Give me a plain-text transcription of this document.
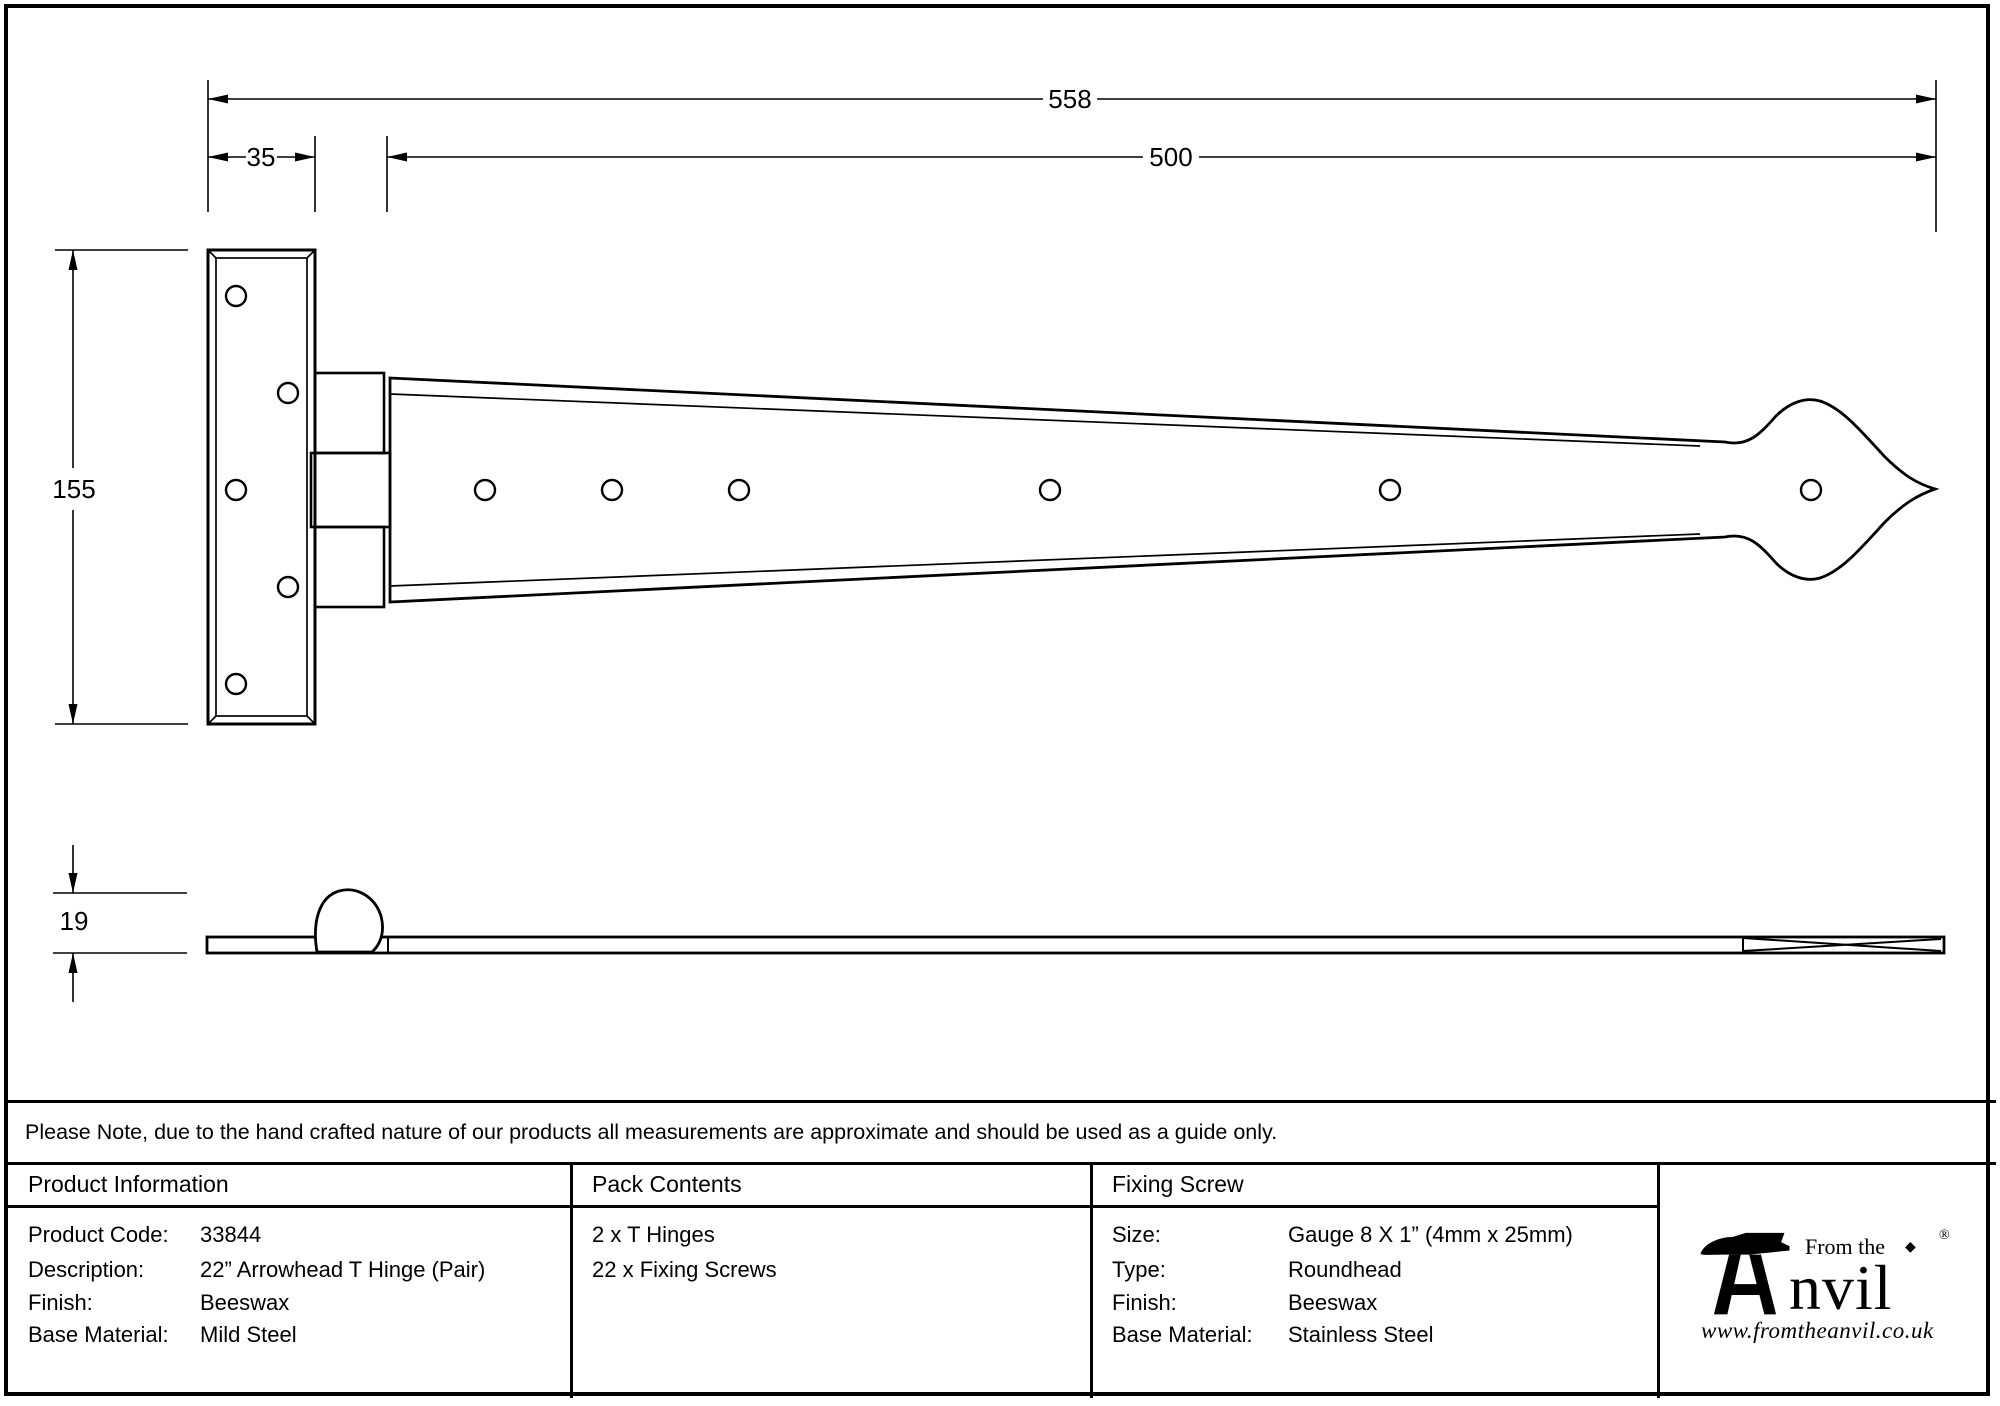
558
500
35
155
19
Please Note, due to the hand crafted nature of our products all measurements are approximate and should be used as a guide only.
Product Information	Pack Contents	Fixing Screw
Product Code: 33844
Description:	22” Arrowhead T Hinge (Pair)
Finish:	Beeswax
Base Material: Mild Steel
2 x T Hinges
22 x Fixing Screws
Size:	Gauge 8 X 1” (4mm x 25mm)
Type:	Roundhead
Finish:	Beeswax
Base Material: Stainless Steel
From the ◆
nvil
®
www.fromtheanvil.co.uk
